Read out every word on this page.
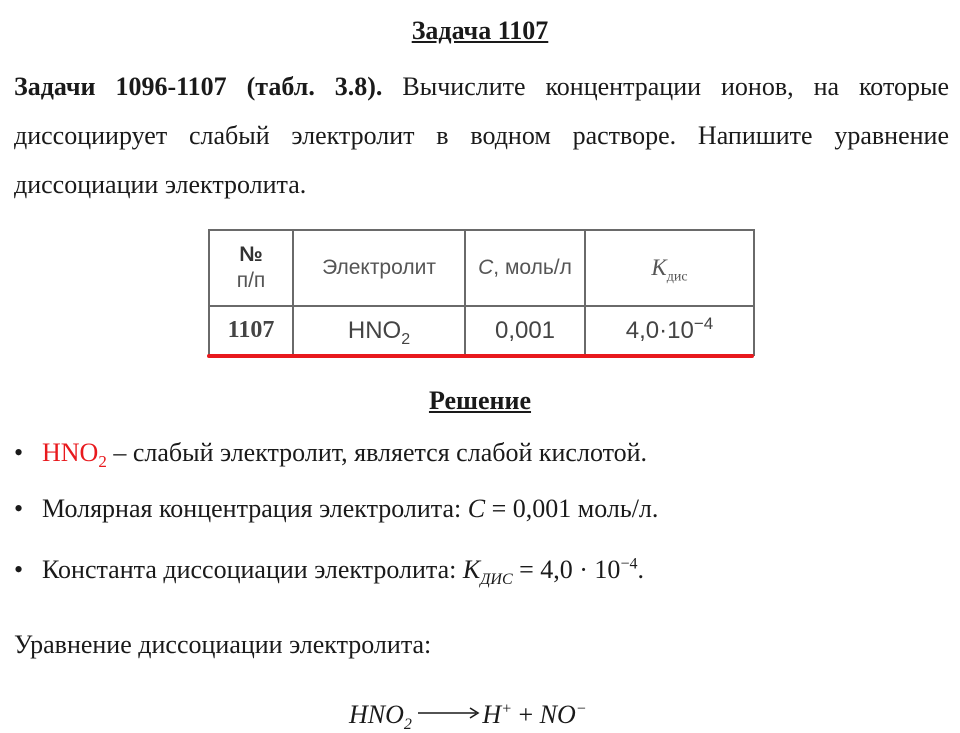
Задача 1107
Задачи 1096-1107 (табл. 3.8). Вычислите концентрации ионов, на которые диссоциирует слабый электролит в водном растворе. Напишите уравнение диссоциации электролита.
№
п/п	Электролит	С, моль/л	$K_{дис}$
1107	$HNO_2$	0,001	$4,0\cdot 10^{-4}$
Решение
• $HNO_2$ – слабый электролит, является слабой кислотой.
• Молярная концентрация электролита: C = 0,001 моль/л.
• Константа диссоциации электролита: $K_{ДИС} = 4,0 \cdot 10^{-4}$.
Уравнение диссоциации электролита:
$HNO_2 \to H^+ + NO^-$
